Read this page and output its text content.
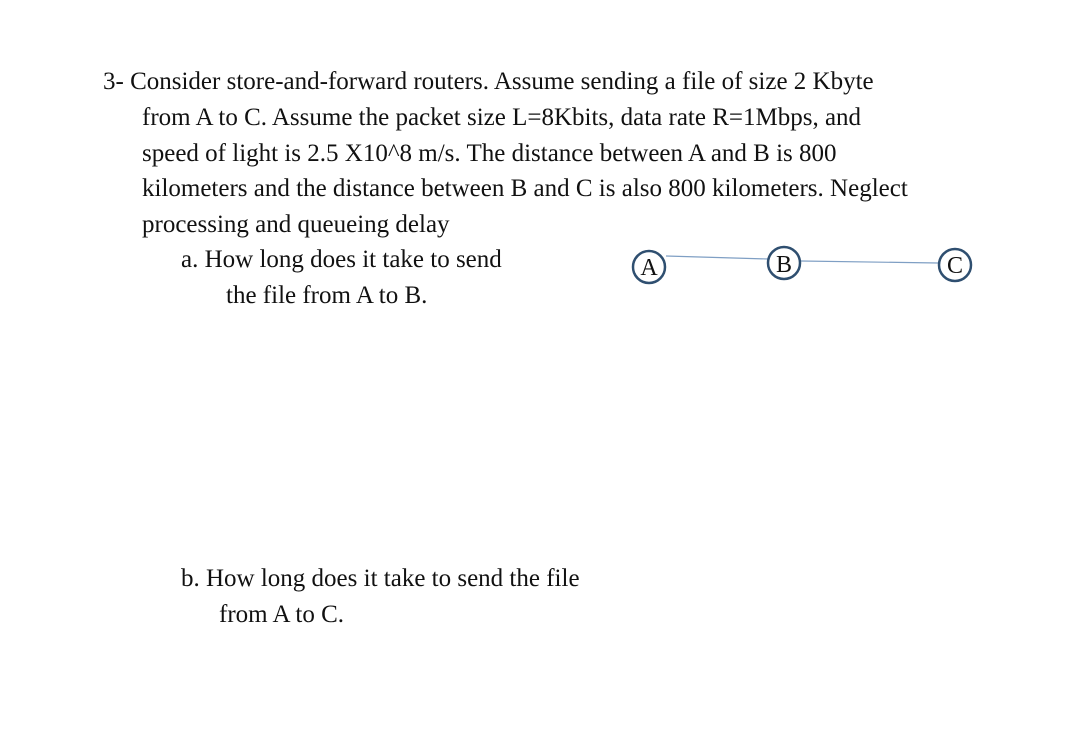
3- Consider store-and-forward routers. Assume sending a file of size 2 Kbyte
from A to C. Assume the packet size L=8Kbits, data rate R=1Mbps, and
speed of light is 2.5 X10^8 m/s. The distance between A and B is 800
kilometers and the distance between B and C is also 800 kilometers. Neglect
processing and queueing delay
a. How long does it take to send
the file from A to B.
A	B	C
b. How long does it take to send the file
from A to C.
